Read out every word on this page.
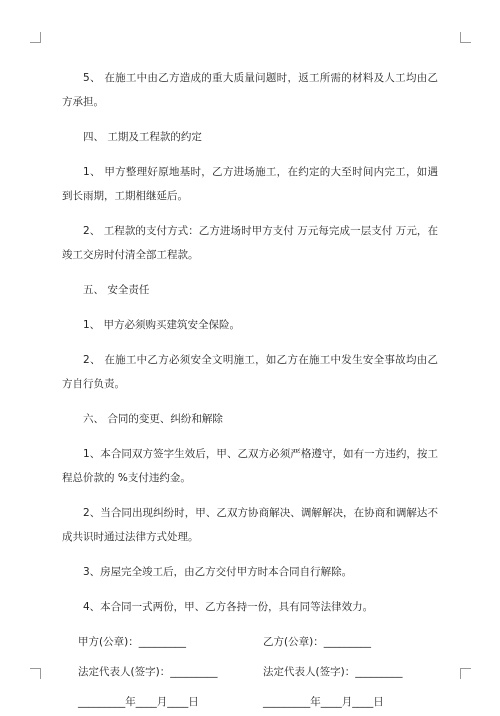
5、 在施工中由乙方造成的重大质量问题时，返工所需的材料及人工均由乙方承担。

四、 工期及工程款的约定

1、 甲方整理好原地基时，乙方进场施工，在约定的大至时间内完工，如遇到长雨期，工期相继延后。

2、 工程款的支付方式：乙方进场时甲方支付 万元每完成一层支付 万元，在竣工交房时付清全部工程款。

五、 安全责任

1、 甲方必须购买建筑安全保险。

2、 在施工中乙方必须安全文明施工，如乙方在施工中发生安全事故均由乙方自行负责。

六、 合同的变更、纠纷和解除

1、本合同双方签字生效后，甲、乙双方必须严格遵守，如有一方违约，按工程总价款的 %支付违约金。

2、当合同出现纠纷时，甲、乙双方协商解决、调解解决，在协商和调解达不成共识时通过法律方式处理。

3、房屋完全竣工后，由乙方交付甲方时本合同自行解除。

4、本合同一式两份，甲、乙方各持一份，具有同等法律效力。

甲方(公章)：_________	乙方(公章)：_________
法定代表人(签字)：_________	法定代表人(签字)：_________
_________年____月____日	_________年____月____日
